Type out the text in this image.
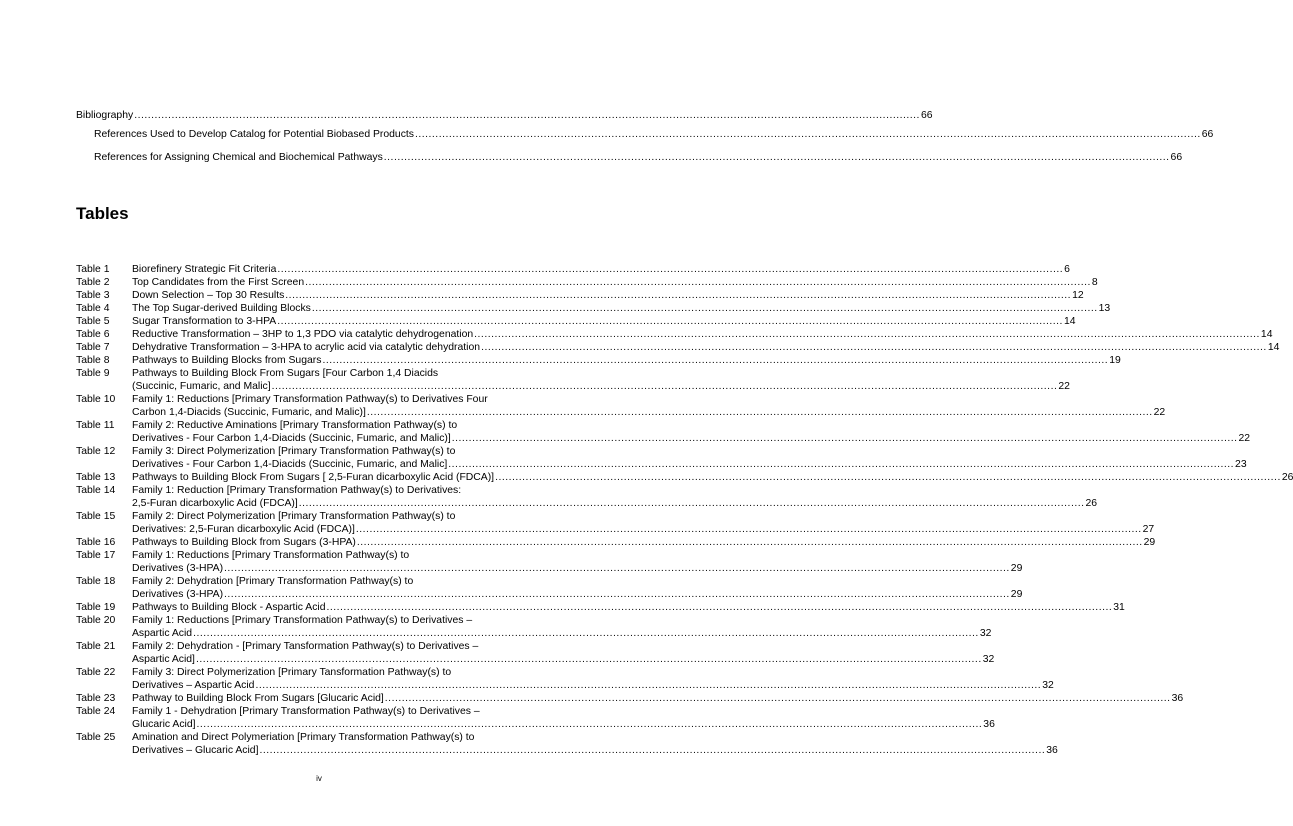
Bibliography .....	66
References Used to Develop Catalog for Potential Biobased Products .....	66
References for Assigning Chemical and Biochemical Pathways .....	66
Tables
Table 1	Biorefinery Strategic Fit Criteria .....	6
Table 2	Top Candidates from the First Screen .....	8
Table 3	Down Selection – Top 30 Results .....	12
Table 4	The Top Sugar-derived Building Blocks .....	13
Table 5	Sugar Transformation to 3-HPA .....	14
Table 6	Reductive Transformation – 3HP to 1,3 PDO via catalytic dehydrogenation .....	14
Table 7	Dehydrative Transformation – 3-HPA to acrylic acid via catalytic dehydration .....	14
Table 8	Pathways to Building Blocks from Sugars .....	19
Table 9	Pathways to Building Block From Sugars [Four Carbon 1,4 Diacids
(Succinic, Fumaric, and Malic] .....	22
Table 10	Family 1: Reductions [Primary Transformation Pathway(s) to Derivatives Four
Carbon 1,4-Diacids (Succinic, Fumaric, and Malic)] .....	22
Table 11	Family 2: Reductive Aminations [Primary Transformation Pathway(s) to
Derivatives - Four Carbon 1,4-Diacids (Succinic, Fumaric, and Malic)] .....	22
Table 12	Family 3: Direct Polymerization [Primary Transformation Pathway(s) to
Derivatives - Four Carbon 1,4-Diacids (Succinic, Fumaric, and Malic] .....	23
Table 13	Pathways to Building Block From Sugars [ 2,5-Furan dicarboxylic Acid (FDCA)] .....	26
Table 14	Family 1: Reduction [Primary Transformation Pathway(s) to Derivatives:
2,5-Furan dicarboxylic Acid (FDCA)] .....	26
Table 15	Family 2: Direct Polymerization [Primary Transformation Pathway(s) to
Derivatives: 2,5-Furan dicarboxylic Acid (FDCA)] .....	27
Table 16	Pathways to Building Block from Sugars (3-HPA) .....	29
Table 17	Family 1: Reductions [Primary Transformation Pathway(s) to
Derivatives (3-HPA) .....	29
Table 18	Family 2: Dehydration [Primary Transformation Pathway(s) to
Derivatives (3-HPA) .....	29
Table 19	Pathways to Building Block - Aspartic Acid .....	31
Table 20	Family 1: Reductions [Primary Transformation Pathway(s) to Derivatives –
Aspartic Acid .....	32
Table 21	Family 2: Dehydration - [Primary Tansformation Pathway(s) to Derivatives –
Aspartic Acid] .....	32
Table 22	Family 3: Direct Polymerization [Primary Tansformation Pathway(s) to
Derivatives – Aspartic Acid .....	32
Table 23	Pathway to Building Block From Sugars [Glucaric Acid] .....	36
Table 24	Family 1 - Dehydration [Primary Transformation Pathway(s) to Derivatives –
Glucaric Acid] .....	36
Table 25	Amination and Direct Polymeriation [Primary Transformation Pathway(s) to
Derivatives – Glucaric Acid] .....	36
iv
